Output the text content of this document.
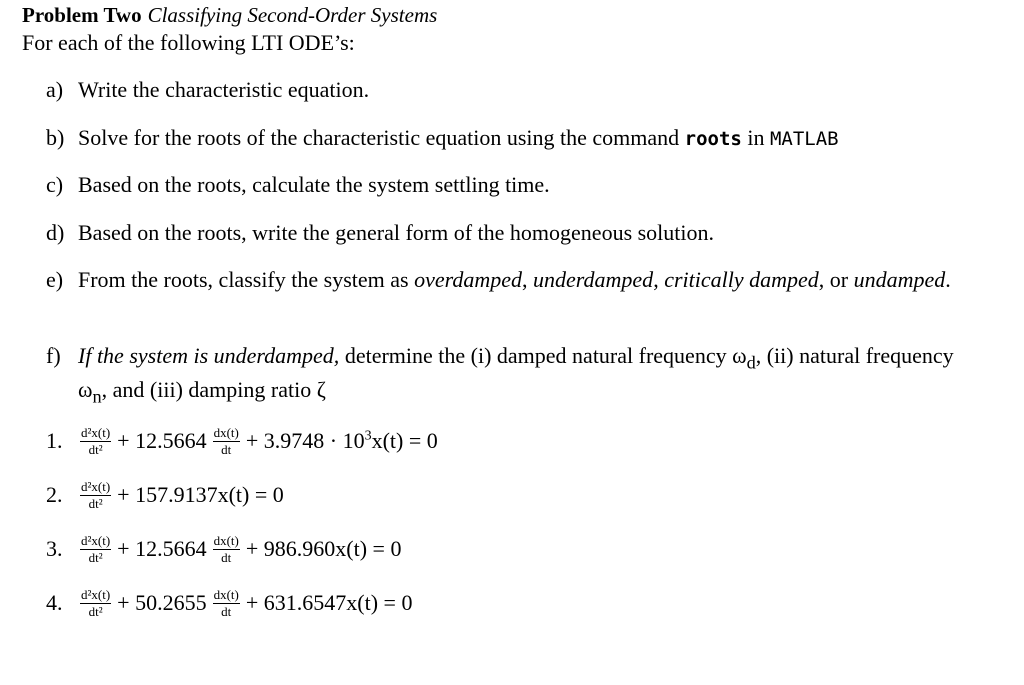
Problem Two Classifying Second-Order Systems
For each of the following LTI ODE’s:
a) Write the characteristic equation.
b) Solve for the roots of the characteristic equation using the command roots in MATLAB
c) Based on the roots, calculate the system settling time.
d) Based on the roots, write the general form of the homogeneous solution.
e) From the roots, classify the system as overdamped, underdamped, critically damped, or undamped.
f) If the system is underdamped, determine the (i) damped natural frequency $\omega_d$, (ii) natural frequency $\omega_n$, and (iii) damping ratio ζ
1.	$\frac{\text{d²x(t)}}{\text{dt²}} + 12.5664 \frac{dx(t)}{dt} + 3.9748 \cdot 10^3x(t) = 0$
2.	$\frac{\text{d²x(t)}}{\text{dt²}} + 157.9137x(t) = 0$
3.	$\frac{\text{d²x(t)}}{\text{dt²}} + 12.5664 \frac{dx(t)}{dt} + 986.960x(t) = 0$
4.	$\frac{\text{d²x(t)}}{\text{dt²}} + 50.2655 \frac{dx(t)}{dt} + 631.6547x(t) = 0$
